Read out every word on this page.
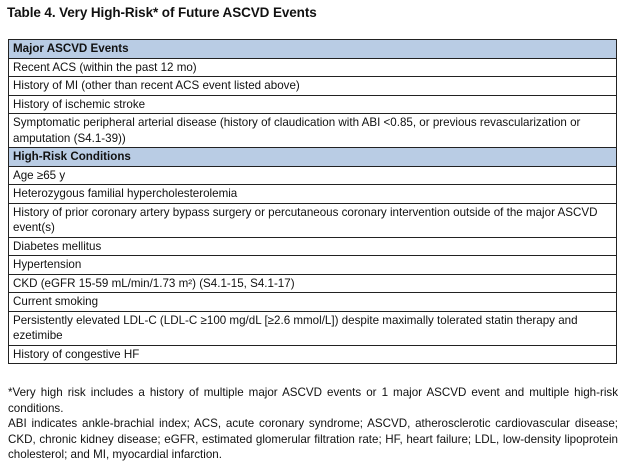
Table 4. Very High-Risk* of Future ASCVD Events
Major ASCVD Events
Recent ACS (within the past 12 mo)
History of MI (other than recent ACS event listed above)
History of ischemic stroke
Symptomatic peripheral arterial disease (history of claudication with ABI <0.85, or previous revascularization or amputation (S4.1-39))
High-Risk Conditions
Age ≥65 y
Heterozygous familial hypercholesterolemia
History of prior coronary artery bypass surgery or percutaneous coronary intervention outside of the major ASCVD event(s)
Diabetes mellitus
Hypertension
CKD (eGFR 15-59 mL/min/1.73 m²) (S4.1-15, S4.1-17)
Current smoking
Persistently elevated LDL-C (LDL-C ≥100 mg/dL [≥2.6 mmol/L]) despite maximally tolerated statin therapy and ezetimibe
History of congestive HF

*Very high risk includes a history of multiple major ASCVD events or 1 major ASCVD event and multiple high-risk conditions.

ABI indicates ankle-brachial index; ACS, acute coronary syndrome; ASCVD, atherosclerotic cardiovascular disease; CKD, chronic kidney disease; eGFR, estimated glomerular filtration rate; HF, heart failure; LDL, low-density lipoprotein cholesterol; and MI, myocardial infarction.
